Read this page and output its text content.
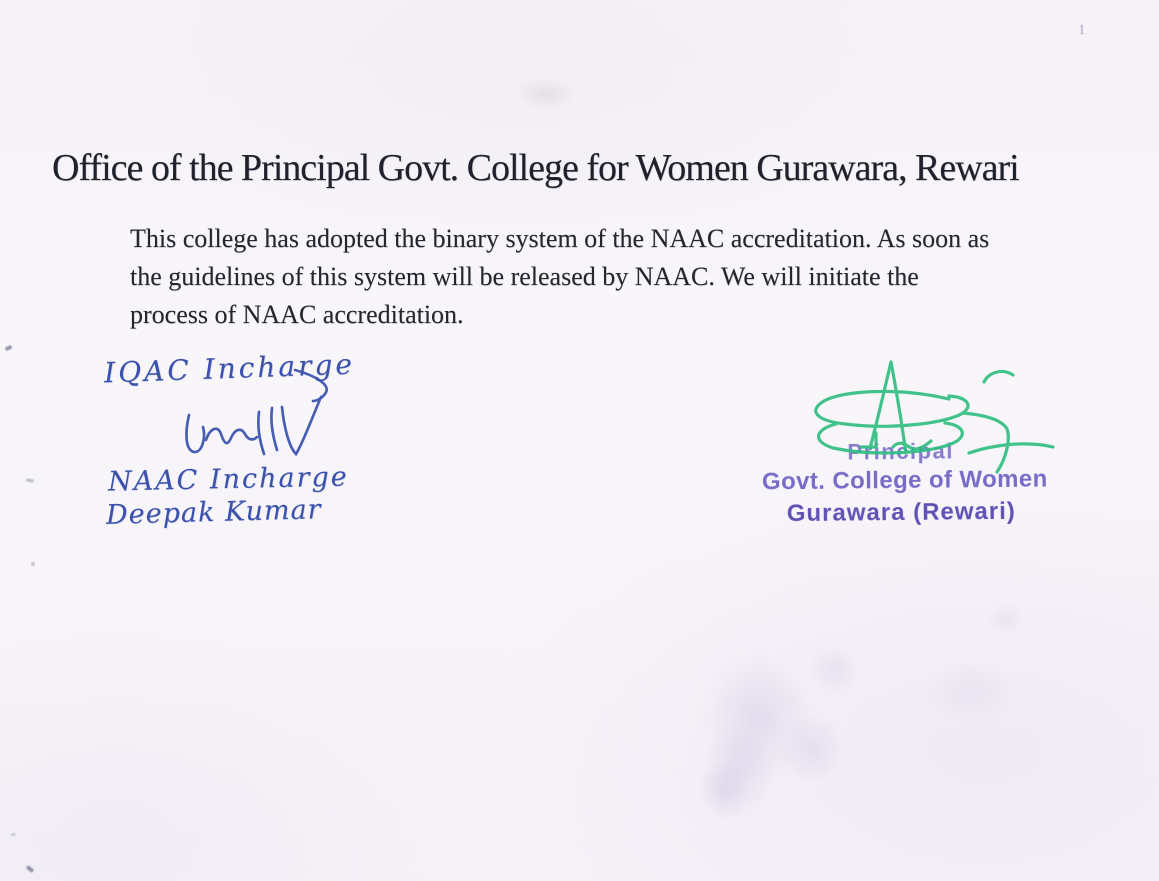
1
Office of the Principal Govt. College for Women Gurawara, Rewari
This college has adopted the binary system of the NAAC accreditation. As soon as
the guidelines of this system will be released by NAAC. We will initiate the
process of NAAC accreditation.
IQAC Incharge
NAAC Incharge
Deepak Kumar
Principal
Govt. College of Women
Gurawara (Rewari)
